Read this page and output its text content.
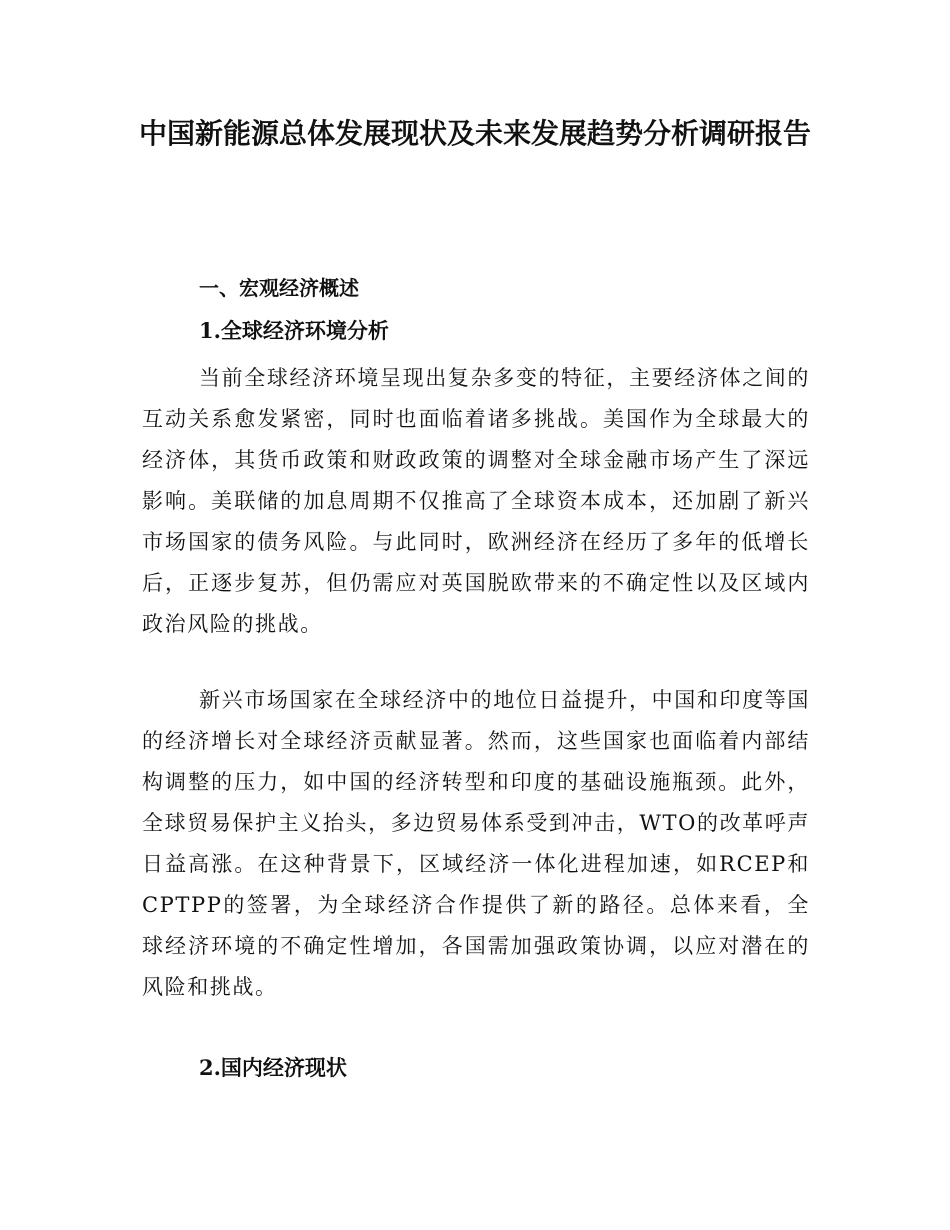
中国新能源总体发展现状及未来发展趋势分析调研报告
一、宏观经济概述
1.全球经济环境分析

当前全球经济环境呈现出复杂多变的特征，主要经济体之间的互动关系愈发紧密，同时也面临着诸多挑战。美国作为全球最大的经济体，其货币政策和财政政策的调整对全球金融市场产生了深远影响。美联储的加息周期不仅推高了全球资本成本，还加剧了新兴市场国家的债务风险。与此同时，欧洲经济在经历了多年的低增长后，正逐步复苏，但仍需应对英国脱欧带来的不确定性以及区域内政治风险的挑战。

新兴市场国家在全球经济中的地位日益提升，中国和印度等国的经济增长对全球经济贡献显著。然而，这些国家也面临着内部结构调整的压力，如中国的经济转型和印度的基础设施瓶颈。此外，全球贸易保护主义抬头，多边贸易体系受到冲击，WTO的改革呼声日益高涨。在这种背景下，区域经济一体化进程加速，如RCEP和CPTPP的签署，为全球经济合作提供了新的路径。总体来看，全球经济环境的不确定性增加，各国需加强政策协调，以应对潜在的风险和挑战。

2.国内经济现状
